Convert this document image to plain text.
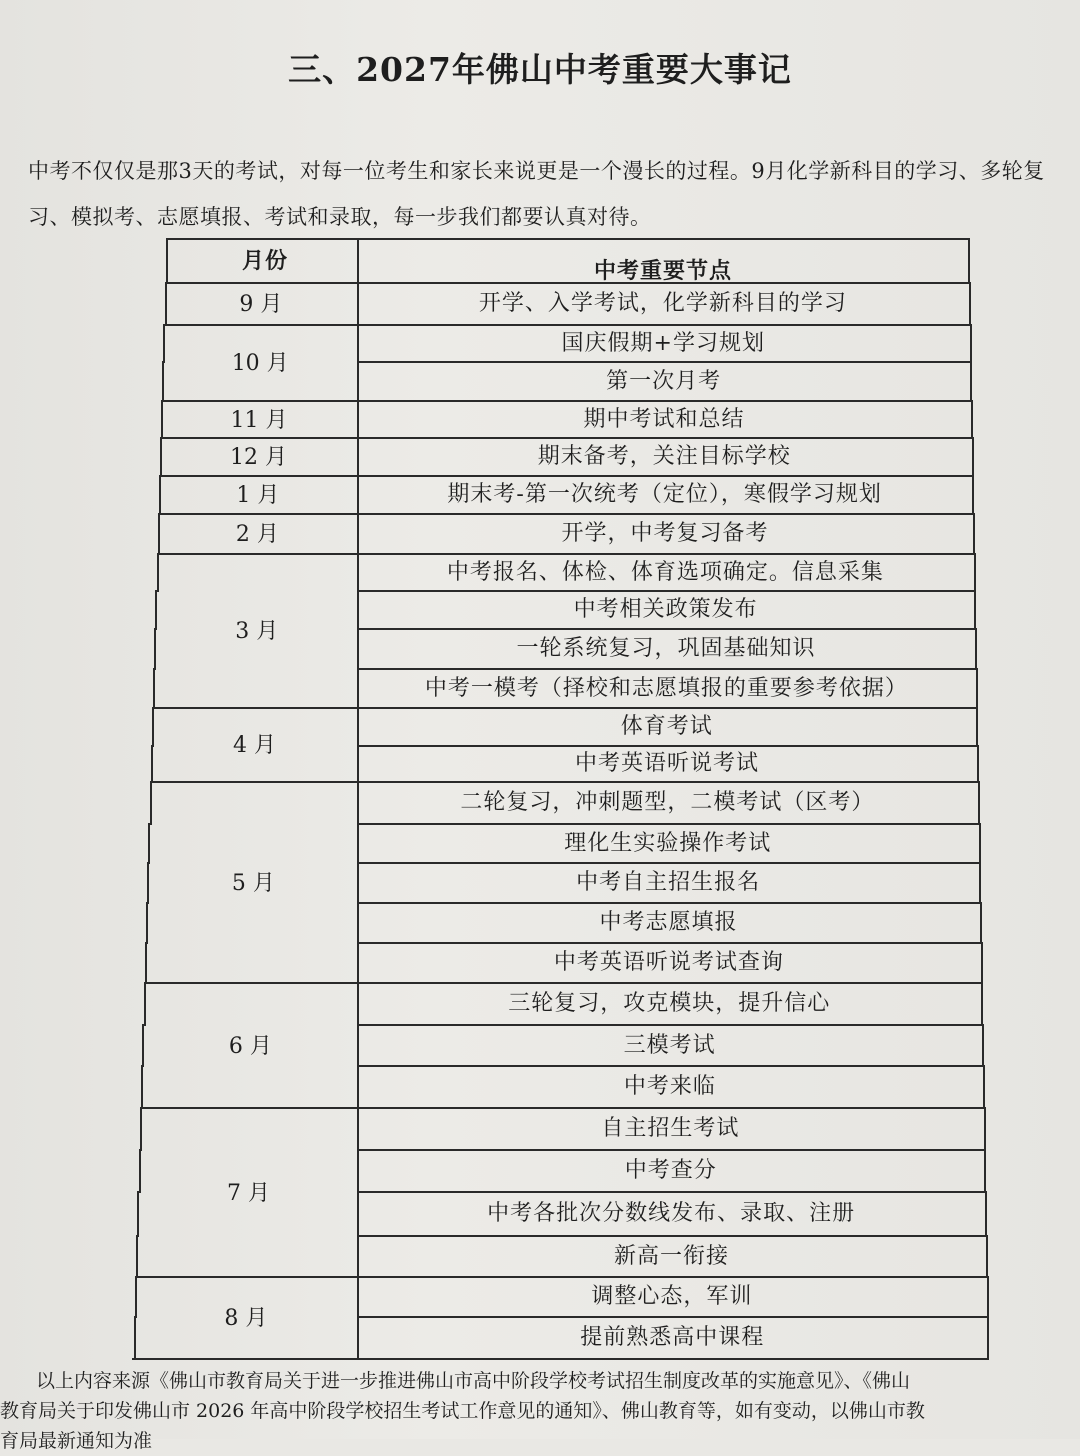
三、2027年佛山中考重要大事记
中考不仅仅是那3天的考试，对每一位考生和家长来说更是一个漫长的过程。9月化学新科目的学习、多轮复习、模拟考、志愿填报、考试和录取，每一步我们都要认真对待。
月份	中考重要节点
开学、入学考试，化学新科目的学习
国庆假期+学习规划
第一次月考
期中考试和总结
期末备考，关注目标学校
期末考-第一次统考（定位），寒假学习规划
开学，中考复习备考
中考报名、体检、体育选项确定。信息采集
中考相关政策发布
一轮系统复习，巩固基础知识
中考一模考（择校和志愿填报的重要参考依据）
体育考试
中考英语听说考试
二轮复习，冲刺题型，二模考试（区考）
理化生实验操作考试
中考自主招生报名
中考志愿填报
中考英语听说考试查询
三轮复习，攻克模块，提升信心
三模考试
中考来临
自主招生考试
中考查分
中考各批次分数线发布、录取、注册
新高一衔接
调整心态，军训
提前熟悉高中课程
9 月
10 月
11 月
12 月
1 月
2 月
3 月
4 月
5 月
6 月
7 月
8 月
以上内容来源《佛山市教育局关于进一步推进佛山市高中阶段学校考试招生制度改革的实施意见》、《佛山
教育局关于印发佛山市 2026 年高中阶段学校招生考试工作意见的通知》、佛山教育等，如有变动，以佛山市教
育局最新通知为准
